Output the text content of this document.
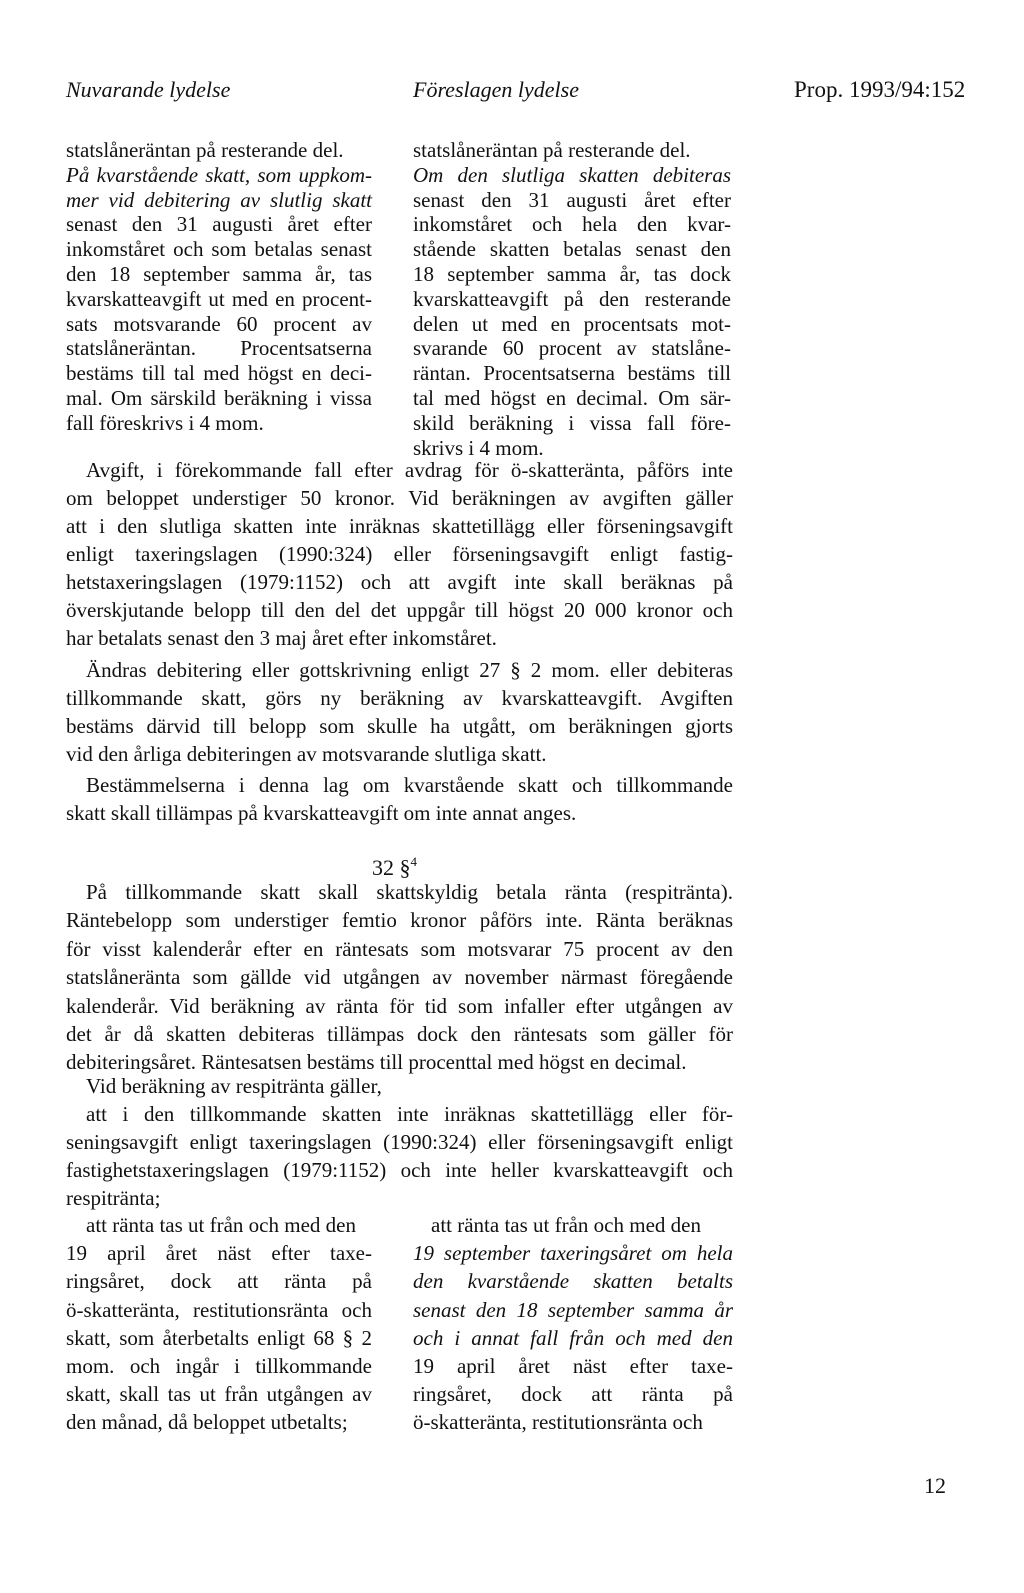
Nuvarande lydelse	Föreslagen lydelse	Prop. 1993/94:152
statslåneräntan på resterande del.
På kvarstående skatt, som uppkom-
mer vid debitering av slutlig skatt
senast den 31 augusti året efter
inkomståret och som betalas senast
den 18 september samma år, tas
kvarskatteavgift ut med en procent-
sats motsvarande 60 procent av
statslåneräntan. Procentsatserna
bestäms till tal med högst en deci-
mal. Om särskild beräkning i vissa
fall föreskrivs i 4 mom.
statslåneräntan på resterande del.
Om den slutliga skatten debiteras
senast den 31 augusti året efter
inkomståret och hela den kvar-
stående skatten betalas senast den
18 september samma år, tas dock
kvarskatteavgift på den resterande
delen ut med en procentsats mot-
svarande 60 procent av statslåne-
räntan. Procentsatserna bestäms till
tal med högst en decimal. Om sär-
skild beräkning i vissa fall före-
skrivs i 4 mom.
Avgift, i förekommande fall efter avdrag för ö-skatteränta, påförs inte
om beloppet understiger 50 kronor. Vid beräkningen av avgiften gäller
att i den slutliga skatten inte inräknas skattetillägg eller förseningsavgift
enligt taxeringslagen (1990:324) eller förseningsavgift enligt fastig-
hetstaxeringslagen (1979:1152) och att avgift inte skall beräknas på
överskjutande belopp till den del det uppgår till högst 20 000 kronor och
har betalats senast den 3 maj året efter inkomståret.
Ändras debitering eller gottskrivning enligt 27 § 2 mom. eller debiteras
tillkommande skatt, görs ny beräkning av kvarskatteavgift. Avgiften
bestäms därvid till belopp som skulle ha utgått, om beräkningen gjorts
vid den årliga debiteringen av motsvarande slutliga skatt.
Bestämmelserna i denna lag om kvarstående skatt och tillkommande
skatt skall tillämpas på kvarskatteavgift om inte annat anges.
32 §$^4$
På tillkommande skatt skall skattskyldig betala ränta (respitränta).
Räntebelopp som understiger femtio kronor påförs inte. Ränta beräknas
för visst kalenderår efter en räntesats som motsvarar 75 procent av den
statslåneränta som gällde vid utgången av november närmast föregående
kalenderår. Vid beräkning av ränta för tid som infaller efter utgången av
det år då skatten debiteras tillämpas dock den räntesats som gäller för
debiteringsåret. Räntesatsen bestäms till procenttal med högst en decimal.
Vid beräkning av respitränta gäller,
att i den tillkommande skatten inte inräknas skattetillägg eller för-
seningsavgift enligt taxeringslagen (1990:324) eller förseningsavgift enligt
fastighetstaxeringslagen (1979:1152) och inte heller kvarskatteavgift och
respitränta;
att ränta tas ut från och med den
19 april året näst efter taxe-
ringsåret, dock att ränta på
ö-skatteränta, restitutionsränta och
skatt, som återbetalts enligt 68 § 2
mom. och ingår i tillkommande
skatt, skall tas ut från utgången av
den månad, då beloppet utbetalts;
att ränta tas ut från och med den
19 september taxeringsåret om hela
den kvarstående skatten betalts
senast den 18 september samma år
och i annat fall från och med den
19 april året näst efter taxe-
ringsåret, dock att ränta på
ö-skatteränta, restitutionsränta och
12
